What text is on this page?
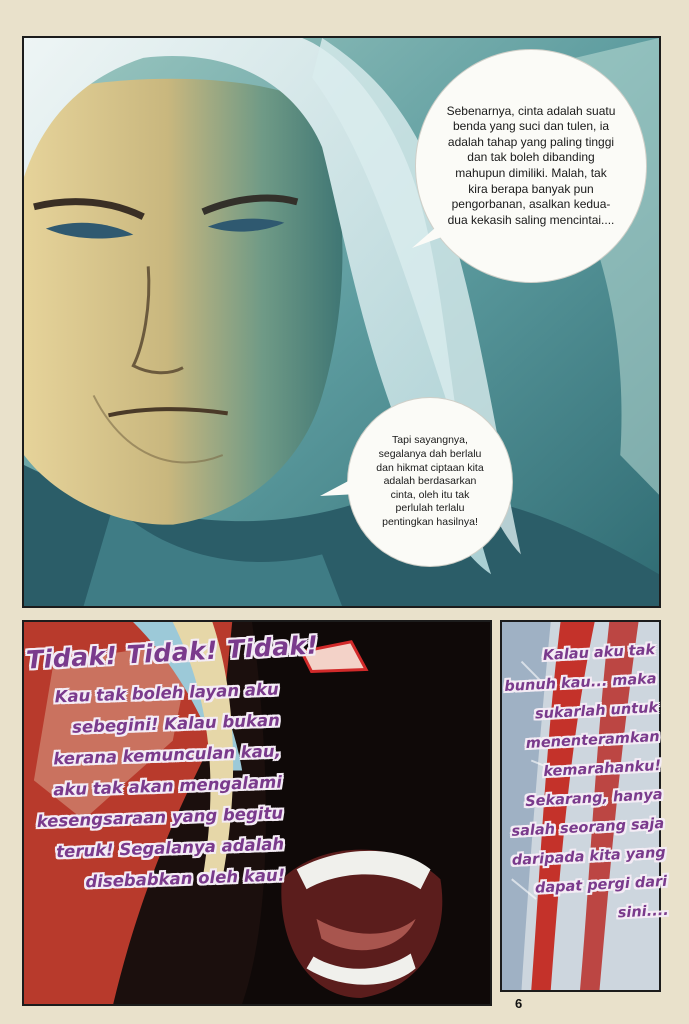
Sebenarnya, cinta adalah suatu benda yang suci dan tulen, ia adalah tahap yang paling tinggi dan tak boleh dibanding mahupun dimiliki. Malah, tak kira berapa banyak pun pengorbanan, asalkan kedua-dua kekasih saling mencintai....
Tapi sayangnya, segalanya dah berlalu dan hikmat ciptaan kita adalah berdasarkan cinta, oleh itu tak perlulah terlalu pentingkan hasilnya!
Tidak! Tidak! Tidak!
Kau tak boleh layan aku sebegini! Kalau bukan kerana kemunculan kau, aku tak akan mengalami kesengsaraan yang begitu teruk! Segalanya adalah disebabkan oleh kau!
Kalau aku tak bunuh kau... maka sukarlah untuk menenteramkan kemarahanku! Sekarang, hanya salah seorang saja daripada kita yang dapat pergi dari sini....
6
